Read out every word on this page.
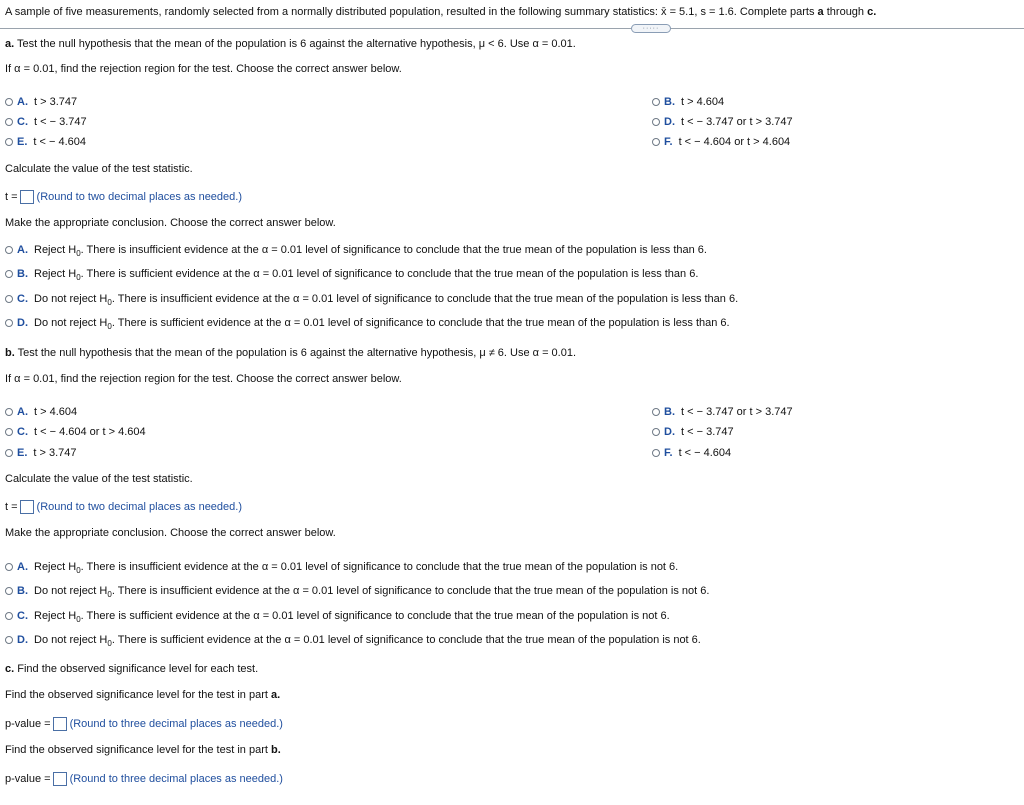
A sample of five measurements, randomly selected from a normally distributed population, resulted in the following summary statistics: x̄ = 5.1, s = 1.6. Complete parts a through c.
·····
a. Test the null hypothesis that the mean of the population is 6 against the alternative hypothesis, μ < 6. Use α = 0.01.
If α = 0.01, find the rejection region for the test. Choose the correct answer below.
A. t > 3.747	B. t > 4.604
C. t < − 3.747	D. t < − 3.747 or t > 3.747
E. t < − 4.604	F. t < − 4.604 or t > 4.604
Calculate the value of the test statistic.
t = (Round to two decimal places as needed.)
Make the appropriate conclusion. Choose the correct answer below.
A. Reject $H_0$. There is insufficient evidence at the α = 0.01 level of significance to conclude that the true mean of the population is less than 6.
B. Reject $H_0$. There is sufficient evidence at the α = 0.01 level of significance to conclude that the true mean of the population is less than 6.
C. Do not reject $H_0$. There is insufficient evidence at the α = 0.01 level of significance to conclude that the true mean of the population is less than 6.
D. Do not reject $H_0$. There is sufficient evidence at the α = 0.01 level of significance to conclude that the true mean of the population is less than 6.
b. Test the null hypothesis that the mean of the population is 6 against the alternative hypothesis, μ ≠ 6. Use α = 0.01.
If α = 0.01, find the rejection region for the test. Choose the correct answer below.
A. t > 4.604	B. t < − 3.747 or t > 3.747
C. t < − 4.604 or t > 4.604	D. t < − 3.747
E. t > 3.747	F. t < − 4.604
Calculate the value of the test statistic.
t = (Round to two decimal places as needed.)
Make the appropriate conclusion. Choose the correct answer below.
A. Reject $H_0$. There is insufficient evidence at the α = 0.01 level of significance to conclude that the true mean of the population is not 6.
B. Do not reject $H_0$. There is insufficient evidence at the α = 0.01 level of significance to conclude that the true mean of the population is not 6.
C. Reject $H_0$. There is sufficient evidence at the α = 0.01 level of significance to conclude that the true mean of the population is not 6.
D. Do not reject $H_0$. There is sufficient evidence at the α = 0.01 level of significance to conclude that the true mean of the population is not 6.
c. Find the observed significance level for each test.
Find the observed significance level for the test in part a.
p-value = (Round to three decimal places as needed.)
Find the observed significance level for the test in part b.
p-value = (Round to three decimal places as needed.)
